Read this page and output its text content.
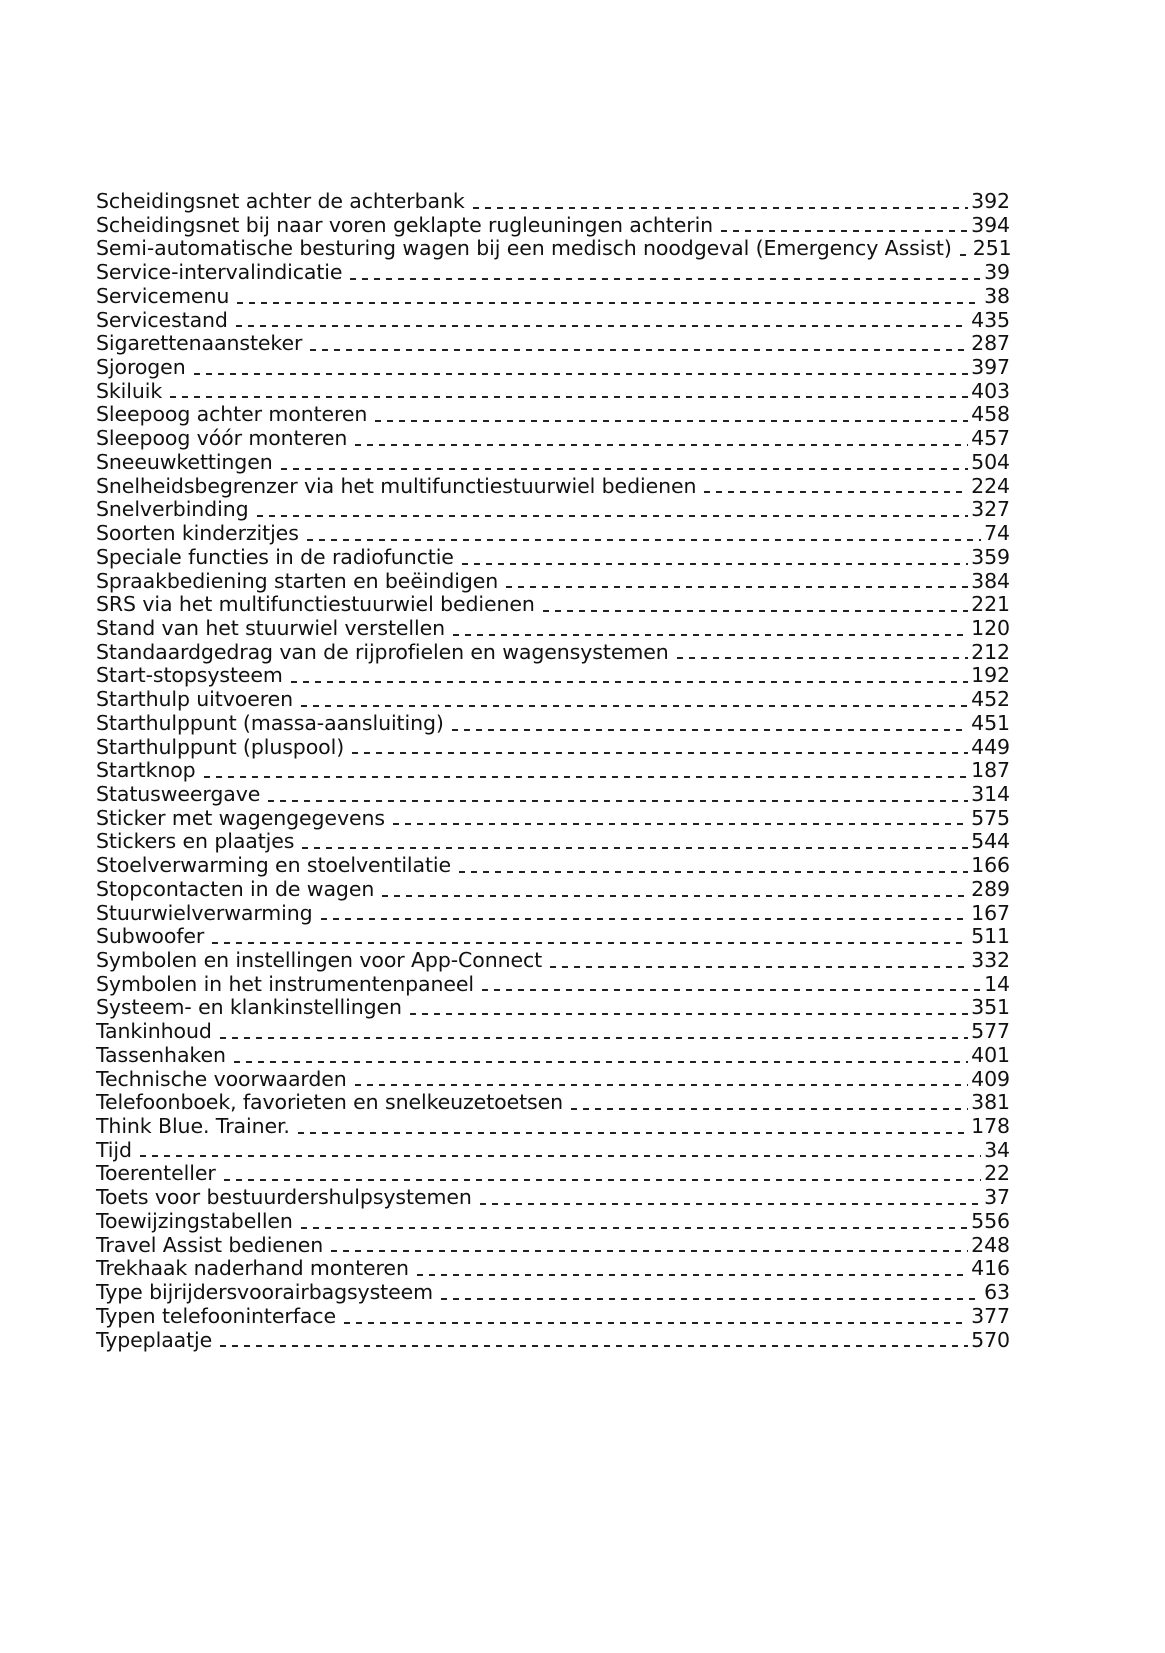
Scheidingsnet achter de achterbank	392
Scheidingsnet bij naar voren geklapte rugleuningen achterin	394
Semi-automatische besturing wagen bij een medisch noodgeval (Emergency Assist) 251
Service-intervalindicatie	39
Servicemenu	38
Servicestand	435
Sigarettenaansteker	287
Sjorogen	397
Skiluik	403
Sleepoog achter monteren	458
Sleepoog vóór monteren	457
Sneeuwkettingen	504
Snelheidsbegrenzer via het multifunctiestuurwiel bedienen	224
Snelverbinding	327
Soorten kinderzitjes	74
Speciale functies in de radiofunctie	359
Spraakbediening starten en beëindigen	384
SRS via het multifunctiestuurwiel bedienen	221
Stand van het stuurwiel verstellen	120
Standaardgedrag van de rijprofielen en wagensystemen	212
Start-stopsysteem	192
Starthulp uitvoeren	452
Starthulppunt (massa-aansluiting)	451
Starthulppunt (pluspool)	449
Startknop	187
Statusweergave	314
Sticker met wagengegevens	575
Stickers en plaatjes	544
Stoelverwarming en stoelventilatie	166
Stopcontacten in de wagen	289
Stuurwielverwarming	167
Subwoofer	511
Symbolen en instellingen voor App-Connect	332
Symbolen in het instrumentenpaneel	14
Systeem- en klankinstellingen	351
Tankinhoud	577
Tassenhaken	401
Technische voorwaarden	409
Telefoonboek, favorieten en snelkeuzetoetsen	381
Think Blue. Trainer.	178
Tijd	34
Toerenteller	22
Toets voor bestuurdershulpsystemen	37
Toewijzingstabellen	556
Travel Assist bedienen	248
Trekhaak naderhand monteren	416
Type bijrijdersvoorairbagsysteem	63
Typen telefooninterface	377
Typeplaatje	570
